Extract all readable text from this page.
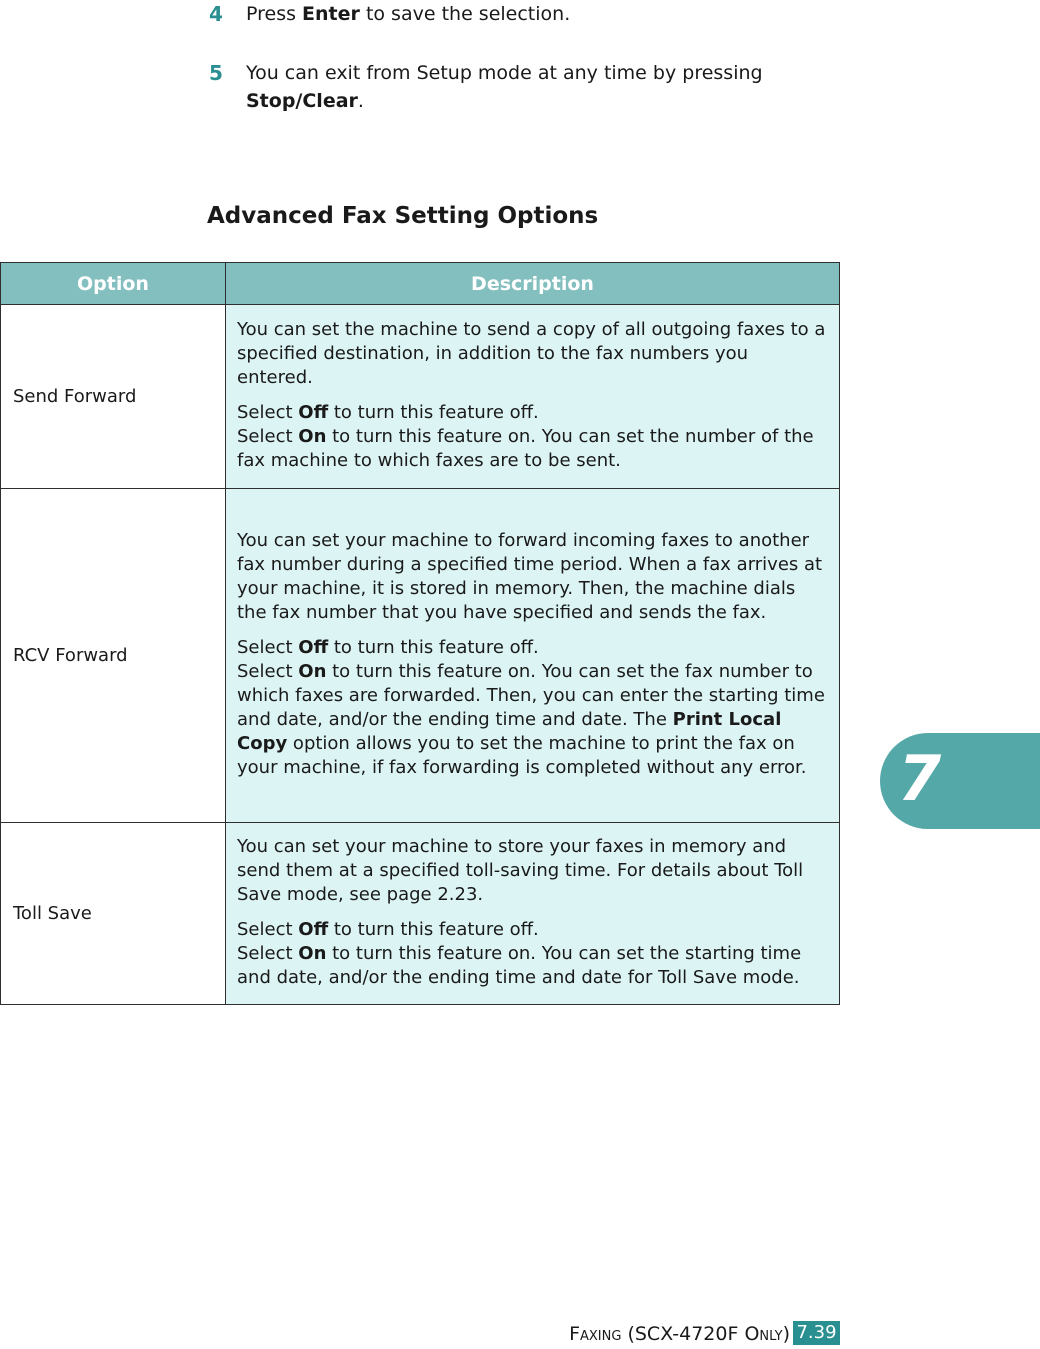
4 Press Enter to save the selection.
5 You can exit from Setup mode at any time by pressing Stop/Clear.
Advanced Fax Setting Options
Option	Description
Send Forward	You can set the machine to send a copy of all outgoing faxes to a specified destination, in addition to the fax numbers you entered.

Select Off to turn this feature off.
Select On to turn this feature on. You can set the number of the fax machine to which faxes are to be sent.

RCV Forward	You can set your machine to forward incoming faxes to another fax number during a specified time period. When a fax arrives at your machine, it is stored in memory. Then, the machine dials the fax number that you have specified and sends the fax.

Select Off to turn this feature off.
Select On to turn this feature on. You can set the fax number to which faxes are forwarded. Then, you can enter the starting time and date, and/or the ending time and date. The Print Local Copy option allows you to set the machine to print the fax on your machine, if fax forwarding is completed without any error.

Toll Save	You can set your machine to store your faxes in memory and send them at a specified toll-saving time. For details about Toll Save mode, see page 2.23.

Select Off to turn this feature off.
Select On to turn this feature on. You can set the starting time and date, and/or the ending time and date for Toll Save mode.

7
Faxing (SCX-4720F Only) 7.39
